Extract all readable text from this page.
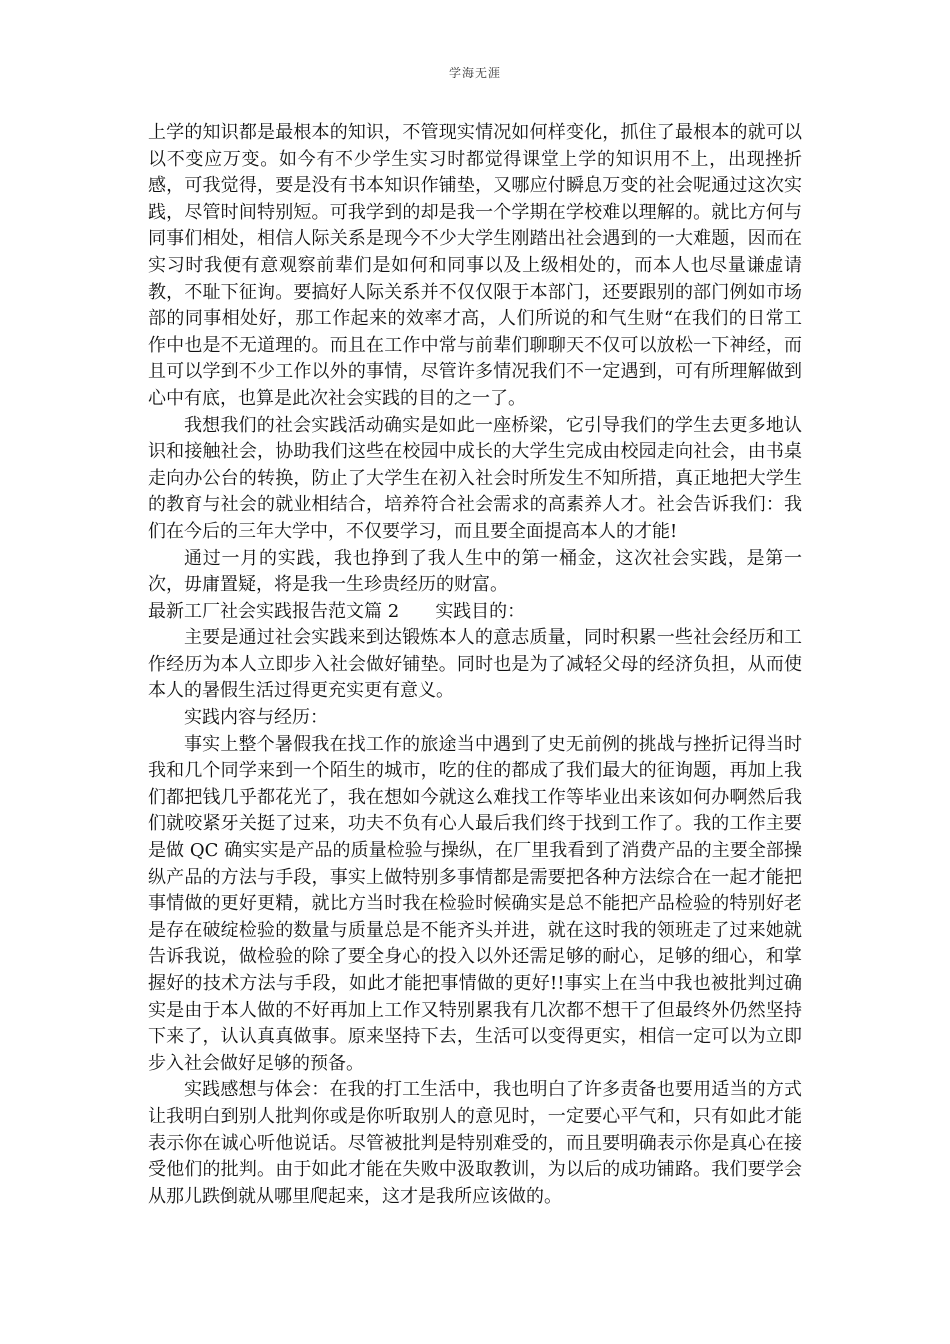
学海无涯

上学的知识都是最根本的知识，不管现实情况如何样变化，抓住了最根本的就可以以不变应万变。如今有不少学生实习时都觉得课堂上学的知识用不上，出现挫折感，可我觉得，要是没有书本知识作铺垫，又哪应付瞬息万变的社会呢通过这次实践，尽管时间特别短。可我学到的却是我一个学期在学校难以理解的。就比方何与同事们相处，相信人际关系是现今不少大学生刚踏出社会遇到的一大难题，因而在实习时我便有意观察前辈们是如何和同事以及上级相处的，而本人也尽量谦虚请教，不耻下征询。要搞好人际关系并不仅仅限于本部门，还要跟别的部门例如市场部的同事相处好，那工作起来的效率才高，人们所说的和气生财“在我们的日常工作中也是不无道理的。而且在工作中常与前辈们聊聊天不仅可以放松一下神经，而且可以学到不少工作以外的事情，尽管许多情况我们不一定遇到，可有所理解做到心中有底，也算是此次社会实践的目的之一了。

我想我们的社会实践活动确实是如此一座桥梁，它引导我们的学生去更多地认识和接触社会，协助我们这些在校园中成长的大学生完成由校园走向社会，由书桌走向办公台的转换，防止了大学生在初入社会时所发生不知所措，真正地把大学生的教育与社会的就业相结合，培养符合社会需求的高素养人才。社会告诉我们：我们在今后的三年大学中，不仅要学习，而且要全面提高本人的才能!

通过一月的实践，我也挣到了我人生中的第一桶金，这次社会实践，是第一次，毋庸置疑，将是我一生珍贵经历的财富。

最新工厂社会实践报告范文篇 2 实践目的：

主要是通过社会实践来到达锻炼本人的意志质量，同时积累一些社会经历和工作经历为本人立即步入社会做好铺垫。同时也是为了减轻父母的经济负担，从而使本人的暑假生活过得更充实更有意义。

实践内容与经历：

事实上整个暑假我在找工作的旅途当中遇到了史无前例的挑战与挫折记得当时我和几个同学来到一个陌生的城市，吃的住的都成了我们最大的征询题，再加上我们都把钱几乎都花光了，我在想如今就这么难找工作等毕业出来该如何办啊然后我们就咬紧牙关挺了过来，功夫不负有心人最后我们终于找到工作了。我的工作主要是做 QC 确实实是产品的质量检验与操纵，在厂里我看到了消费产品的主要全部操纵产品的方法与手段，事实上做特别多事情都是需要把各种方法综合在一起才能把事情做的更好更精，就比方当时我在检验时候确实是总不能把产品检验的特别好老是存在破绽检验的数量与质量总是不能齐头并进，就在这时我的领班走了过来她就告诉我说，做检验的除了要全身心的投入以外还需足够的耐心，足够的细心，和掌握好的技术方法与手段，如此才能把事情做的更好!!事实上在当中我也被批判过确实是由于本人做的不好再加上工作又特别累我有几次都不想干了但最终外仍然坚持下来了，认认真真做事。原来坚持下去，生活可以变得更实，相信一定可以为立即步入社会做好足够的预备。

实践感想与体会：在我的打工生活中，我也明白了许多责备也要用适当的方式让我明白到别人批判你或是你听取别人的意见时，一定要心平气和，只有如此才能表示你在诚心听他说话。尽管被批判是特别难受的，而且要明确表示你是真心在接受他们的批判。由于如此才能在失败中汲取教训，为以后的成功铺路。我们要学会从那儿跌倒就从哪里爬起来，这才是我所应该做的。
